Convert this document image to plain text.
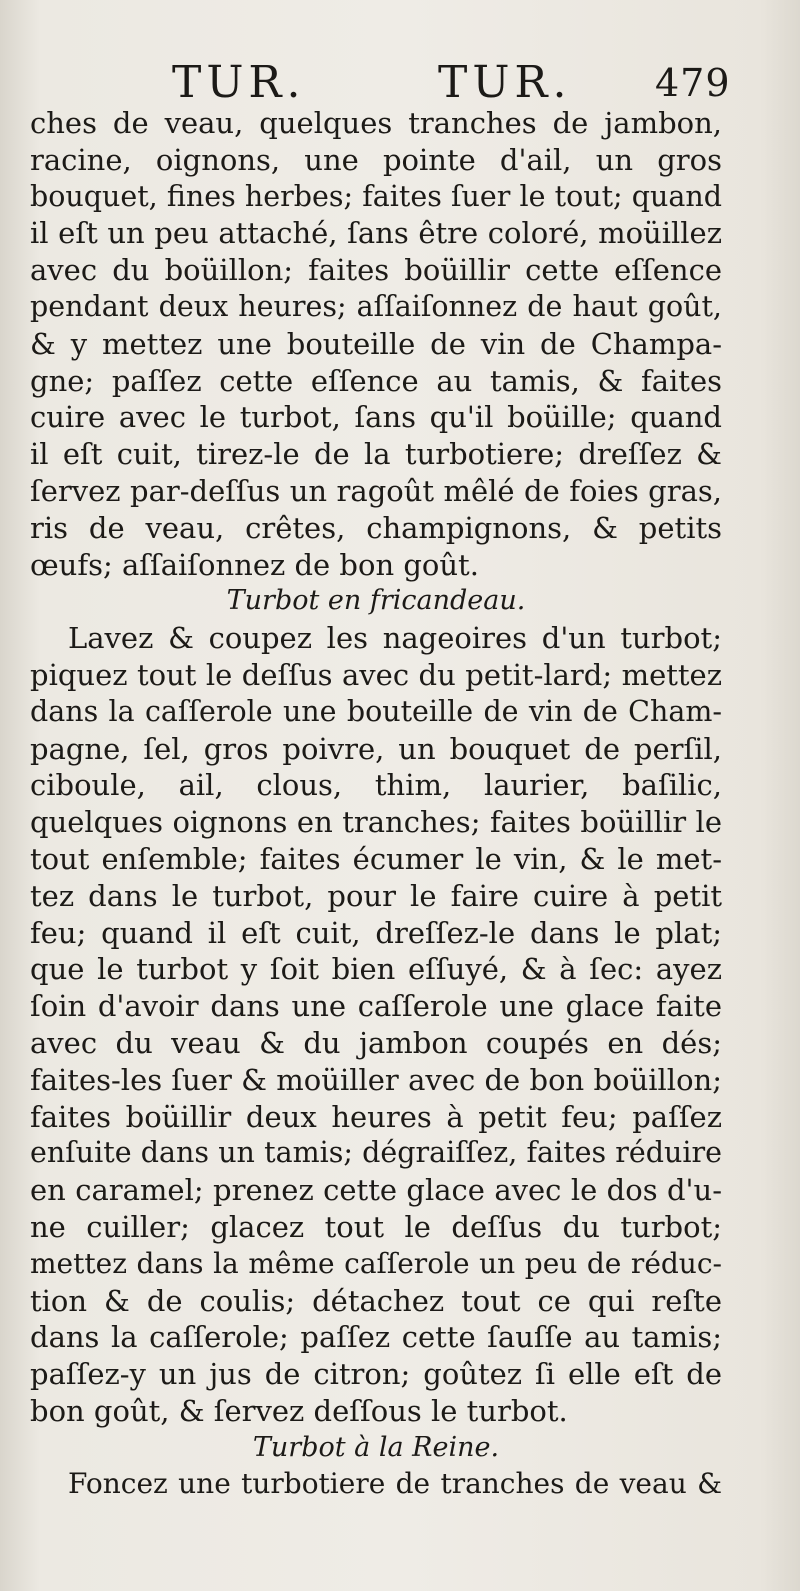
TUR.	TUR. 479
ches de veau, quelques tranches de jambon,
racine, oignons, une pointe d'ail, un gros
bouquet, fines herbes; faites ſuer le tout; quand
il eſt un peu attaché, ſans être coloré, moüillez
avec du boüillon; faites boüillir cette eſſence
pendant deux heures; aſſaiſonnez de haut goût,
& y mettez une bouteille de vin de Champa-
gne; paſſez cette eſſence au tamis, & faites
cuire avec le turbot, ſans qu'il boüille; quand
il eſt cuit, tirez-le de la turbotiere; dreſſez &
ſervez par-deſſus un ragoût mêlé de foies gras,
ris de veau, crêtes, champignons, & petits
œufs; aſſaiſonnez de bon goût.
Turbot en fricandeau.
Lavez & coupez les nageoires d'un turbot;
piquez tout le deſſus avec du petit-lard; mettez
dans la caſſerole une bouteille de vin de Cham-
pagne, ſel, gros poivre, un bouquet de perſil,
ciboule, ail, clous, thim, laurier, baſilic,
quelques oignons en tranches; faites boüillir le
tout enſemble; faites écumer le vin, & le met-
tez dans le turbot, pour le faire cuire à petit
feu; quand il eſt cuit, dreſſez-le dans le plat;
que le turbot y ſoit bien eſſuyé, & à ſec: ayez
ſoin d'avoir dans une caſſerole une glace faite
avec du veau & du jambon coupés en dés;
faites-les ſuer & moüiller avec de bon boüillon;
faites boüillir deux heures à petit feu; paſſez
enſuite dans un tamis; dégraiſſez, faites réduire
en caramel; prenez cette glace avec le dos d'u-
ne cuiller; glacez tout le deſſus du turbot;
mettez dans la même caſſerole un peu de réduc-
tion & de coulis; détachez tout ce qui reſte
dans la caſſerole; paſſez cette ſauſſe au tamis;
paſſez-y un jus de citron; goûtez ſi elle eſt de
bon goût, & ſervez deſſous le turbot.
Turbot à la Reine.
Foncez une turbotiere de tranches de veau &
